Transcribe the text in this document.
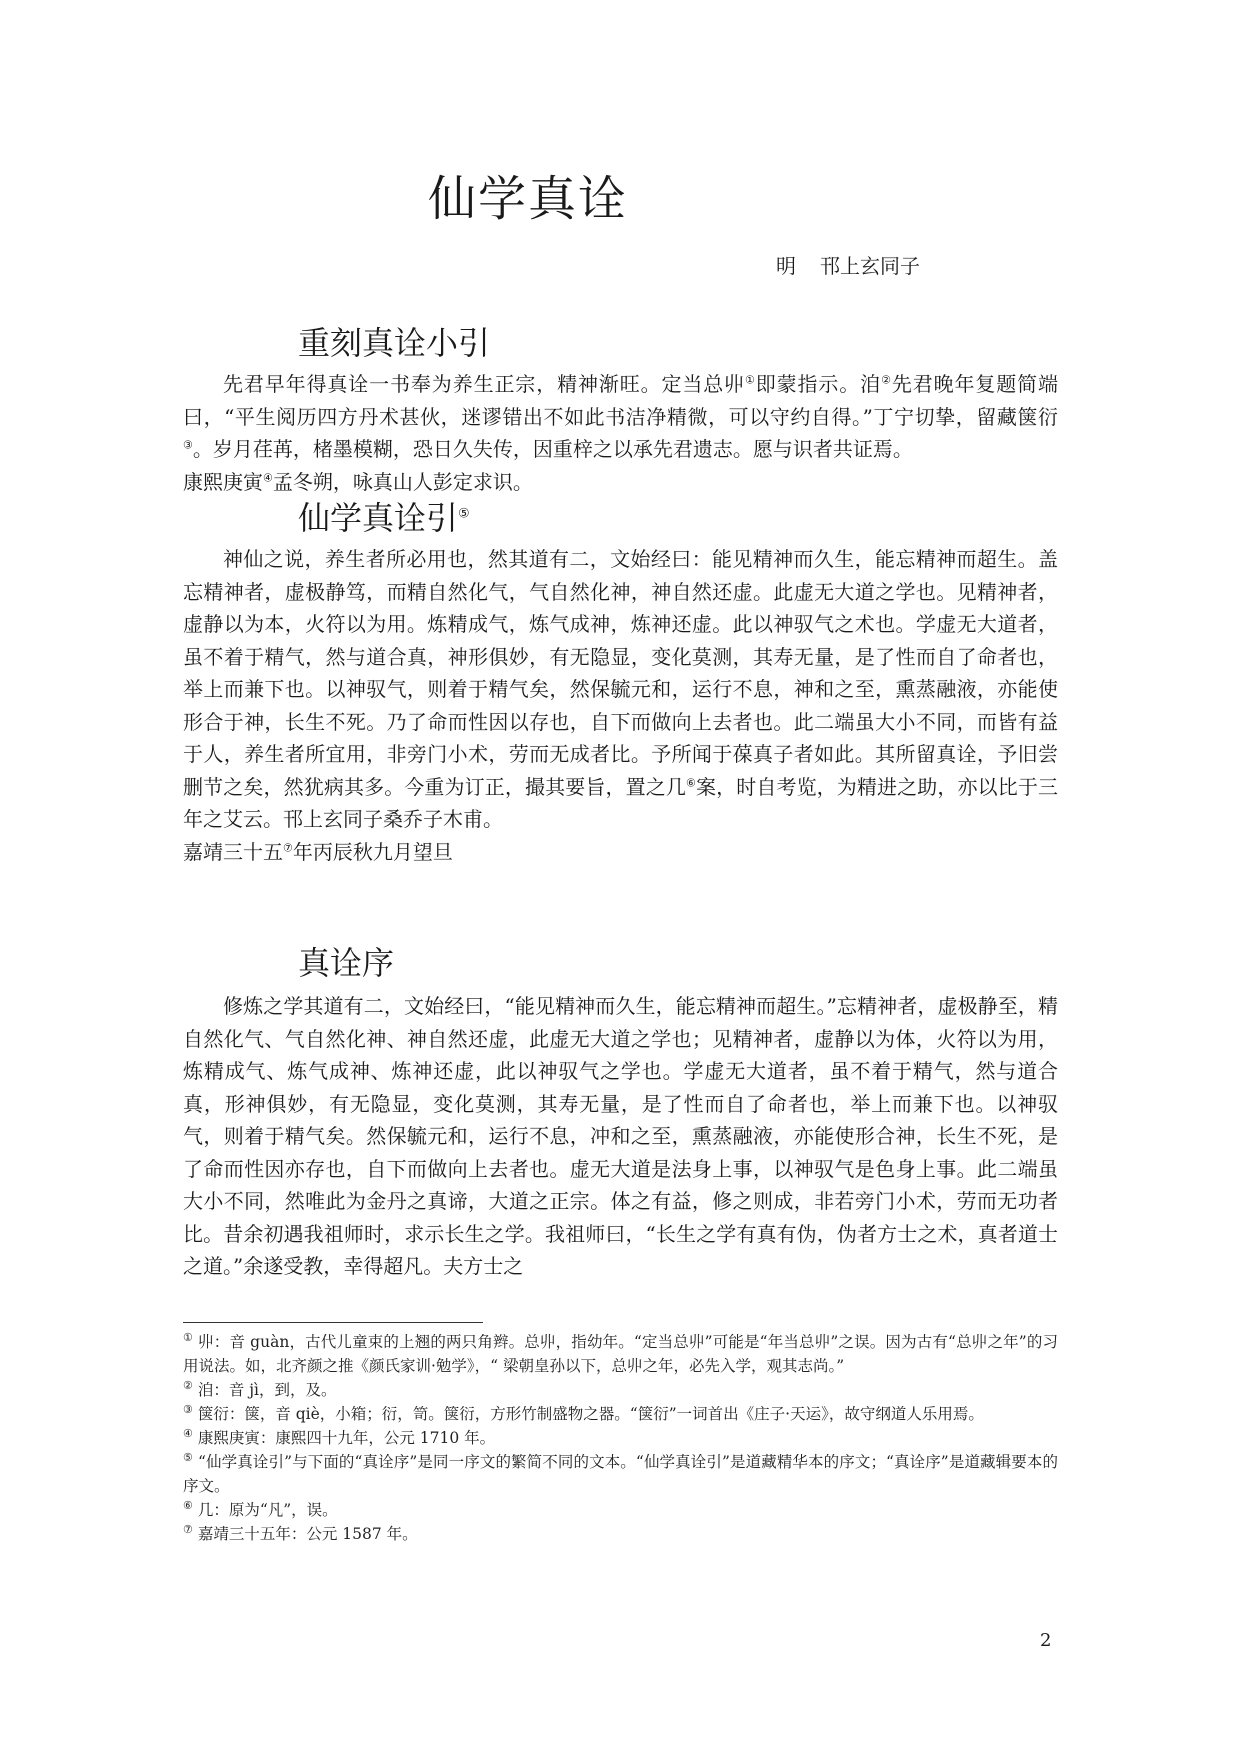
仙学真诠
明 邗上玄同子
重刻真诠小引

先君早年得真诠一书奉为养生正宗，精神渐旺。定当总丱①即蒙指示。洎②先君晚年复题简端曰，“平生阅历四方丹术甚伙，迷谬错出不如此书洁净精微，可以守约自得。”丁宁切挚，留藏箧衍③。岁月荏苒，楮墨模糊，恐日久失传，因重梓之以承先君遗志。愿与识者共证焉。

康熙庚寅④孟冬朔，咏真山人彭定求识。

仙学真诠引⑤

神仙之说，养生者所必用也，然其道有二，文始经曰：能见精神而久生，能忘精神而超生。盖忘精神者，虚极静笃，而精自然化气，气自然化神，神自然还虚。此虚无大道之学也。见精神者，虚静以为本，火符以为用。炼精成气，炼气成神，炼神还虚。此以神驭气之术也。学虚无大道者，虽不着于精气，然与道合真，神形俱妙，有无隐显，变化莫测，其寿无量，是了性而自了命者也，举上而兼下也。以神驭气，则着于精气矣，然保毓元和，运行不息，神和之至，熏蒸融液，亦能使形合于神，长生不死。乃了命而性因以存也，自下而做向上去者也。此二端虽大小不同，而皆有益于人，养生者所宜用，非旁门小术，劳而无成者比。予所闻于葆真子者如此。其所留真诠，予旧尝删节之矣，然犹病其多。今重为订正，撮其要旨，置之几⑥案，时自考览，为精进之助，亦以比于三年之艾云。邗上玄同子桑乔子木甫。

嘉靖三十五⑦年丙辰秋九月望旦

真诠序

修炼之学其道有二，文始经曰，“能见精神而久生，能忘精神而超生。”忘精神者，虚极静至，精自然化气、气自然化神、神自然还虚，此虚无大道之学也；见精神者，虚静以为体，火符以为用，炼精成气、炼气成神、炼神还虚，此以神驭气之学也。学虚无大道者，虽不着于精气，然与道合真，形神俱妙，有无隐显，变化莫测，其寿无量，是了性而自了命者也，举上而兼下也。以神驭气，则着于精气矣。然保毓元和，运行不息，冲和之至，熏蒸融液，亦能使形合神，长生不死，是了命而性因亦存也，自下而做向上去者也。虚无大道是法身上事，以神驭气是色身上事。此二端虽大小不同，然唯此为金丹之真谛，大道之正宗。体之有益，修之则成，非若旁门小术，劳而无功者比。昔余初遇我祖师时，求示长生之学。我祖师曰，“长生之学有真有伪，伪者方士之术，真者道士之道。”余遂受教，幸得超凡。夫方士之

① 丱：音 guàn，古代儿童束的上翘的两只角辫。总丱，指幼年。“定当总丱”可能是“年当总丱”之误。因为古有“总丱之年”的习用说法。如，北齐颜之推《颜氏家训·勉学》，“ 梁朝皇孙以下，总丱之年，必先入学，观其志尚。”
② 洎：音 jì，到，及。
③ 箧衍：箧，音 qiè，小箱；衍，笥。箧衍，方形竹制盛物之器。“箧衍”一词首出《庄子·天运》，故守纲道人乐用焉。
④ 康熙庚寅：康熙四十九年，公元 1710 年。
⑤ “仙学真诠引”与下面的“真诠序”是同一序文的繁简不同的文本。“仙学真诠引”是道藏精华本的序文；“真诠序”是道藏辑要本的序文。
⑥ 几：原为“凡”，误。
⑦ 嘉靖三十五年：公元 1587 年。
2
